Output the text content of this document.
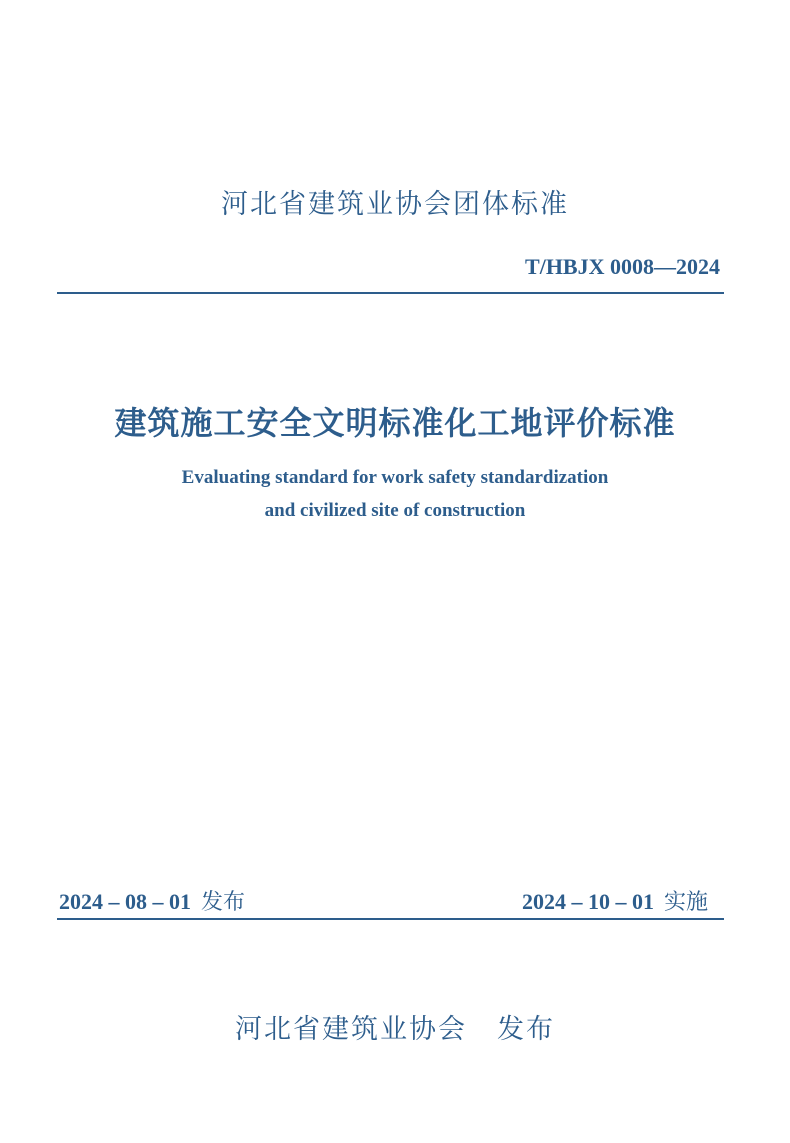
河北省建筑业协会团体标准
T/HBJX 0008—2024
建筑施工安全文明标准化工地评价标准
Evaluating standard for work safety standardization
and civilized site of construction
2024 – 08 – 01 发布	2024 – 10 – 01 实施
河北省建筑业协会 发布
